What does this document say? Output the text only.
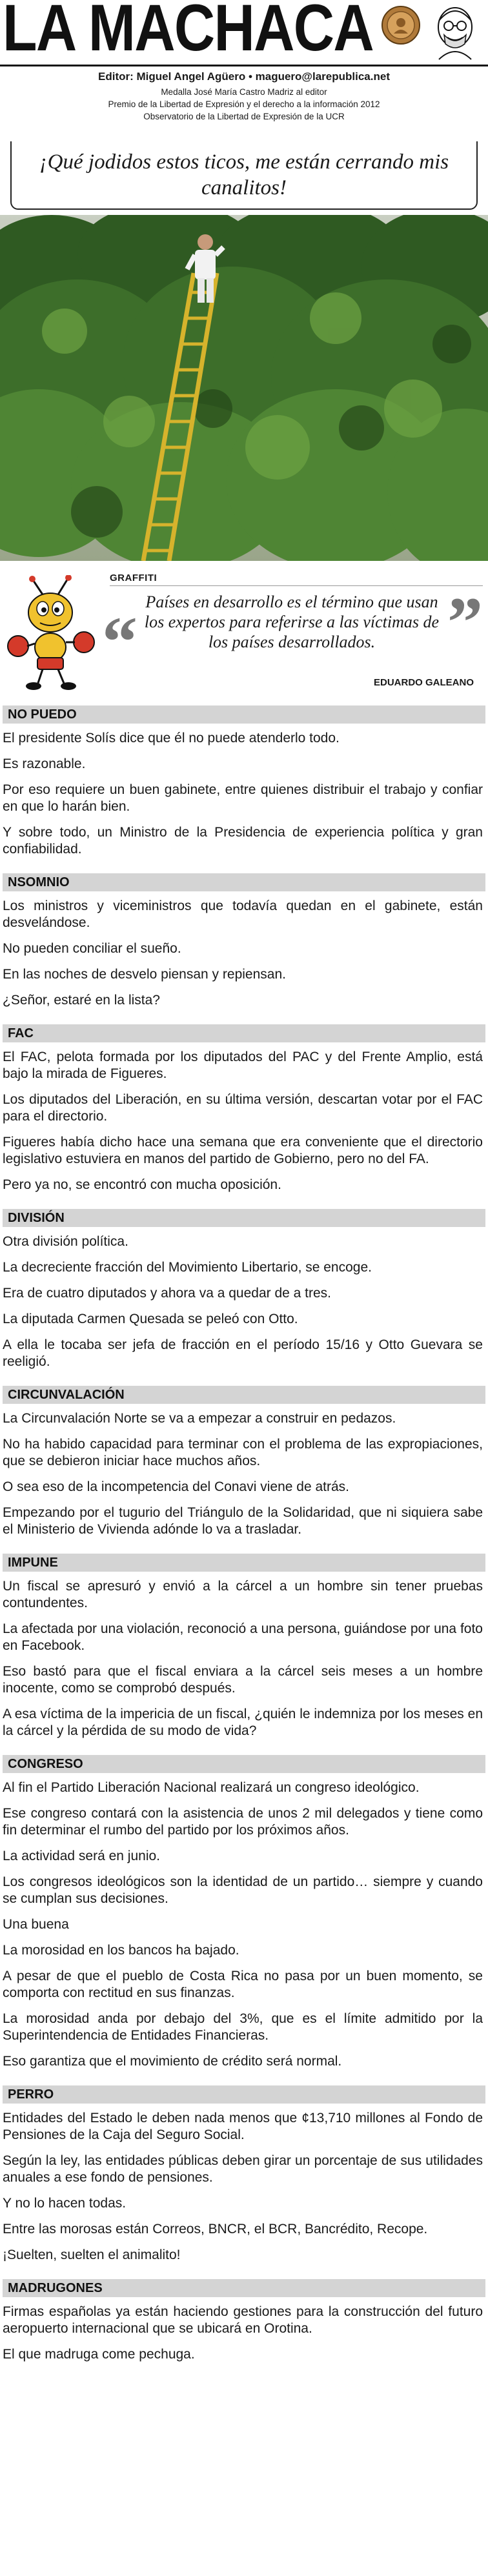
LA MACHACA
Editor: Miguel Angel Agüero • maguero@larepublica.net
Medalla José María Castro Madriz al editor
Premio de la Libertad de Expresión y el derecho a la información 2012
Observatorio de la Libertad de Expresión de la UCR
¡Qué jodidos estos ticos, me están cerrando mis canalitos!
GRAFFITI
“	”
Países en desarrollo es el término que usan los expertos para referirse a las víctimas de los países desarrollados.
EDUARDO GALEANO
NO PUEDO

El presidente Solís dice que él no puede atenderlo todo.

Es razonable.

Por eso requiere un buen gabinete, entre quienes distribuir el trabajo y confiar en que lo harán bien.

Y sobre todo, un Ministro de la Presidencia de experiencia política y gran confiabilidad.

NSOMNIO

Los ministros y viceministros que todavía quedan en el gabinete, están desvelándose.

No pueden conciliar el sueño.

En las noches de desvelo piensan y repiensan.

¿Señor, estaré en la lista?

FAC

El FAC, pelota formada por los diputados del PAC y del Frente Amplio, está bajo la mirada de Figueres.

Los diputados del Liberación, en su última versión, descartan votar por el FAC para el directorio.

Figueres había dicho hace una semana que era conveniente que el directorio legislativo estuviera en manos del partido de Gobierno, pero no del FA.

Pero ya no, se encontró con mucha oposición.

DIVISIÓN

Otra división política.

La decreciente fracción del Movimiento Libertario, se encoge.

Era de cuatro diputados y ahora va a quedar de a tres.

La diputada Carmen Quesada se peleó con Otto.

A ella le tocaba ser jefa de fracción en el período 15/16 y Otto Guevara se reeligió.

CIRCUNVALACIÓN

La Circunvalación Norte se va a empezar a construir en pedazos.

No ha habido capacidad para terminar con el problema de las expropiaciones, que se debieron iniciar hace muchos años.

O sea eso de la incompetencia del Conavi viene de atrás.

Empezando por el tugurio del Triángulo de la Solidaridad, que ni siquiera sabe el Ministerio de Vivienda adónde lo va a trasladar.

IMPUNE

Un fiscal se apresuró y envió a la cárcel a un hombre sin tener pruebas contundentes.

La afectada por una violación, reconoció a una persona, guiándose por una foto en Facebook.

Eso bastó para que el fiscal enviara a la cárcel seis meses a un hombre inocente, como se comprobó después.

A esa víctima de la impericia de un fiscal, ¿quién le indemniza por los meses en la cárcel y la pérdida de su modo de vida?

CONGRESO

Al fin el Partido Liberación Nacional realizará un congreso ideológico.

Ese congreso contará con la asistencia de unos 2 mil delegados y tiene como fin determinar el rumbo del partido por los próximos años.

La actividad será en junio.

Los congresos ideológicos son la identidad de un partido… siempre y cuando se cumplan sus decisiones.

Una buena

La morosidad en los bancos ha bajado.

A pesar de que el pueblo de Costa Rica no pasa por un buen momento, se comporta con rectitud en sus finanzas.

La morosidad anda por debajo del 3%, que es el límite admitido por la Superintendencia de Entidades Financieras.

Eso garantiza que el movimiento de crédito será normal.

PERRO

Entidades del Estado le deben nada menos que ¢13,710 millones al Fondo de Pensiones de la Caja del Seguro Social.

Según la ley, las entidades públicas deben girar un porcentaje de sus utilidades anuales a ese fondo de pensiones.

Y no lo hacen todas.

Entre las morosas están Correos, BNCR, el BCR, Bancrédito, Recope.

¡Suelten, suelten el animalito!

MADRUGONES

Firmas españolas ya están haciendo gestiones para la construcción del futuro aeropuerto internacional que se ubicará en Orotina.

El que madruga come pechuga.
